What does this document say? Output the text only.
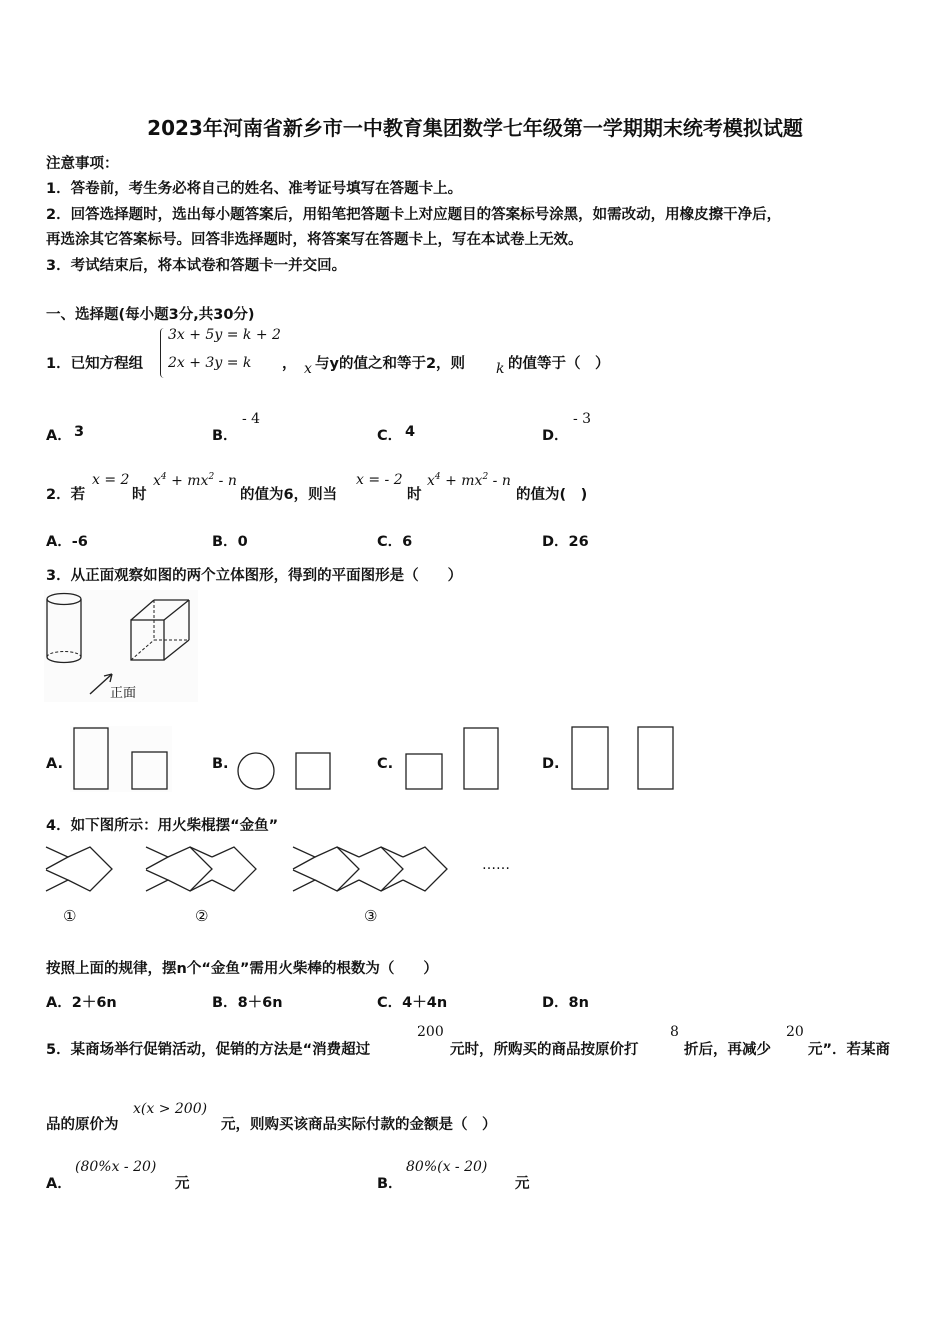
2023年河南省新乡市一中教育集团数学七年级第一学期期末统考模拟试题
注意事项：
1．答卷前，考生务必将自己的姓名、准考证号填写在答题卡上。
2．回答选择题时，选出每小题答案后，用铅笔把答题卡上对应题目的答案标号涂黑，如需改动，用橡皮擦干净后，
再选涂其它答案标号。回答非选择题时，将答案写在答题卡上，写在本试卷上无效。
3．考试结束后，将本试卷和答题卡一并交回。
一、选择题(每小题3分,共30分)
1．已知方程组
3x + 5y = k + 2
2x + 3y = k ， x 与y的值之和等于2，则 k 的值等于（　）
A． 3	B．
- 4
C． 4	D．
- 3
2．若
x = 2
时
$x^4 + mx^2 - n$
的值为6，则当
x = - 2
时
$x^4 + mx^2 - n$
的值为(　)
A．-6	B．0	C．6	D．26
3．从正面观察如图的两个立体图形，得到的平面图形是（　　）
正面
A.	B.	C.	D.
4．如下图所示：用火柴棍摆“金鱼”
……
①	②	③
按照上面的规律，摆n个“金鱼”需用火柴棒的根数为（　　）
A．2＋6n	B．8＋6n	C．4＋4n	D．8n
5．某商场举行促销活动，促销的方法是“消费超过
200
元时，所购买的商品按原价打
8
折后，再减少
20
元”．若某商
品的原价为
x(x > 200)
元，则购买该商品实际付款的金额是（　）
A．
(80%x - 20)
元	B．
80%(x - 20)
元
